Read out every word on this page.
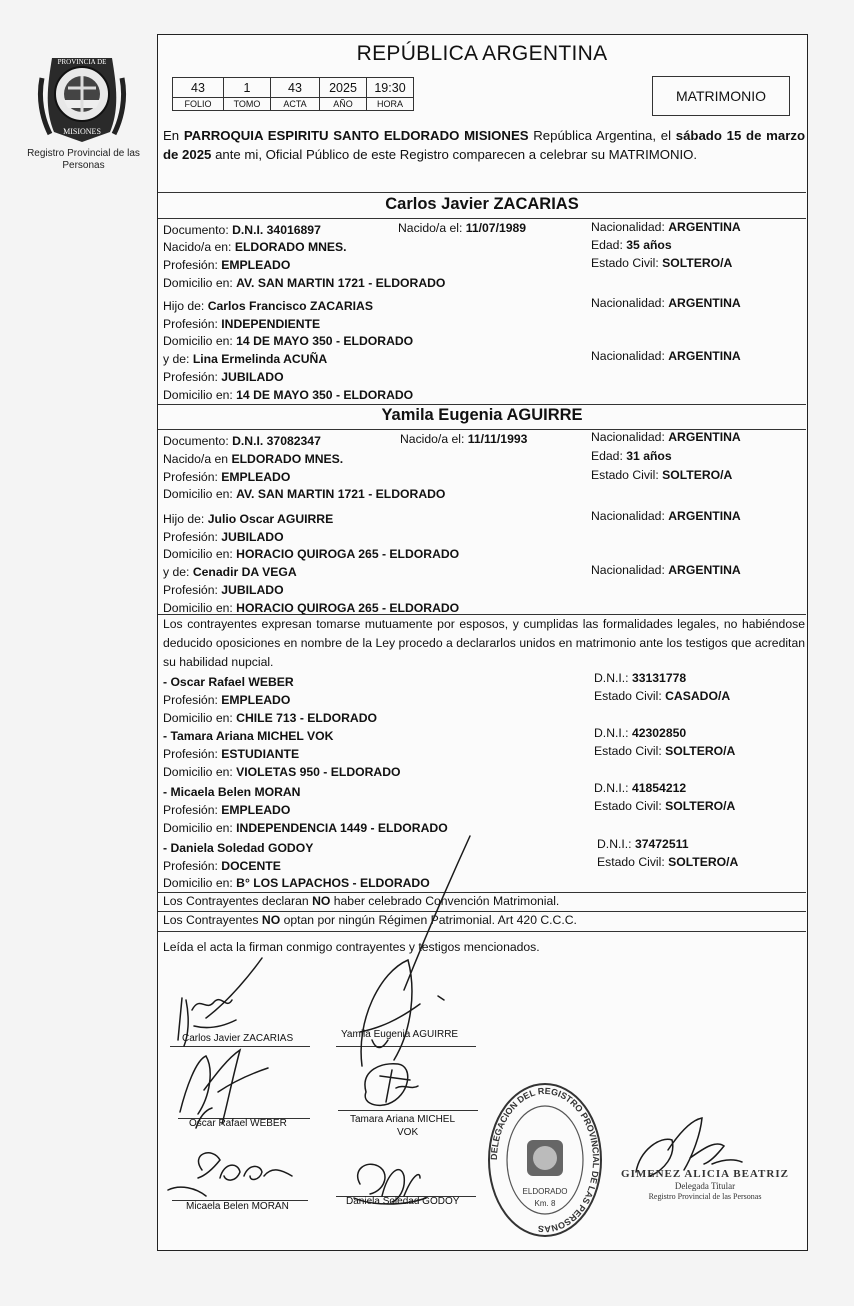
PROVINCIA DE
MISIONES
Registro Provincial de las Personas
REPÚBLICA ARGENTINA
43	1	43	2025	19:30
FOLIO	TOMO	ACTA	AÑO	HORA	MATRIMONIO
En PARROQUIA ESPIRITU SANTO ELDORADO MISIONES República Argentina, el sábado 15 de marzo de 2025 ante mi, Oficial Público de este Registro comparecen a celebrar su MATRIMONIO.
Carlos Javier ZACARIAS
Documento: D.N.I. 34016897	Nacido/a el: 11/07/1989	Nacionalidad: ARGENTINA
Nacido/a en: ELDORADO MNES.	Edad: 35 años
Profesión: EMPLEADO	Estado Civil: SOLTERO/A
Domicilio en: AV. SAN MARTIN 1721 - ELDORADO
Hijo de: Carlos Francisco ZACARIAS	Nacionalidad: ARGENTINA
Profesión: INDEPENDIENTE
Domicilio en: 14 DE MAYO 350 - ELDORADO
y de: Lina Ermelinda ACUÑA	Nacionalidad: ARGENTINA
Profesión: JUBILADO
Domicilio en: 14 DE MAYO 350 - ELDORADO
Yamila Eugenia AGUIRRE
Documento: D.N.I. 37082347	Nacido/a el: 11/11/1993	Nacionalidad: ARGENTINA
Nacido/a en ELDORADO MNES.	Edad: 31 años
Profesión: EMPLEADO	Estado Civil: SOLTERO/A
Domicilio en: AV. SAN MARTIN 1721 - ELDORADO
Hijo de: Julio Oscar AGUIRRE	Nacionalidad: ARGENTINA
Profesión: JUBILADO
Domicilio en: HORACIO QUIROGA 265 - ELDORADO
y de: Cenadir DA VEGA	Nacionalidad: ARGENTINA
Profesión: JUBILADO
Domicilio en: HORACIO QUIROGA 265 - ELDORADO
Los contrayentes expresan tomarse mutuamente por esposos, y cumplidas las formalidades legales, no habiéndose deducido oposiciones en nombre de la Ley procedo a declararlos unidos en matrimonio ante los testigos que acreditan su habilidad nupcial.
- Oscar Rafael WEBER	D.N.I.: 33131778
Profesión: EMPLEADO	Estado Civil: CASADO/A
Domicilio en: CHILE 713 - ELDORADO
- Tamara Ariana MICHEL VOK	D.N.I.: 42302850
Profesión: ESTUDIANTE	Estado Civil: SOLTERO/A
Domicilio en: VIOLETAS 950 - ELDORADO
- Micaela Belen MORAN	D.N.I.: 41854212
Profesión: EMPLEADO	Estado Civil: SOLTERO/A
Domicilio en: INDEPENDENCIA 1449 - ELDORADO
- Daniela Soledad GODOY	D.N.I.: 37472511
Profesión: DOCENTE	Estado Civil: SOLTERO/A
Domicilio en: B° LOS LAPACHOS - ELDORADO
Los Contrayentes declaran NO haber celebrado Convención Matrimonial.
Los Contrayentes NO optan por ningún Régimen Patrimonial. Art 420 C.C.C.
Leída el acta la firman conmigo contrayentes y testigos mencionados.
Carlos Javier ZACARIAS	Yamila Eugenia AGUIRRE
Oscar Rafael WEBER	Tamara Ariana MICHEL
VOK
Micaela Belen MORAN	Daniela Soledad GODOY
DELEGACION DEL REGISTRO PROVINCIAL DE LAS PERSONAS
ELDORADO
Km. 8
GIMENEZ ALICIA BEATRIZ
Delegada Titular
Registro Provincial de las Personas
